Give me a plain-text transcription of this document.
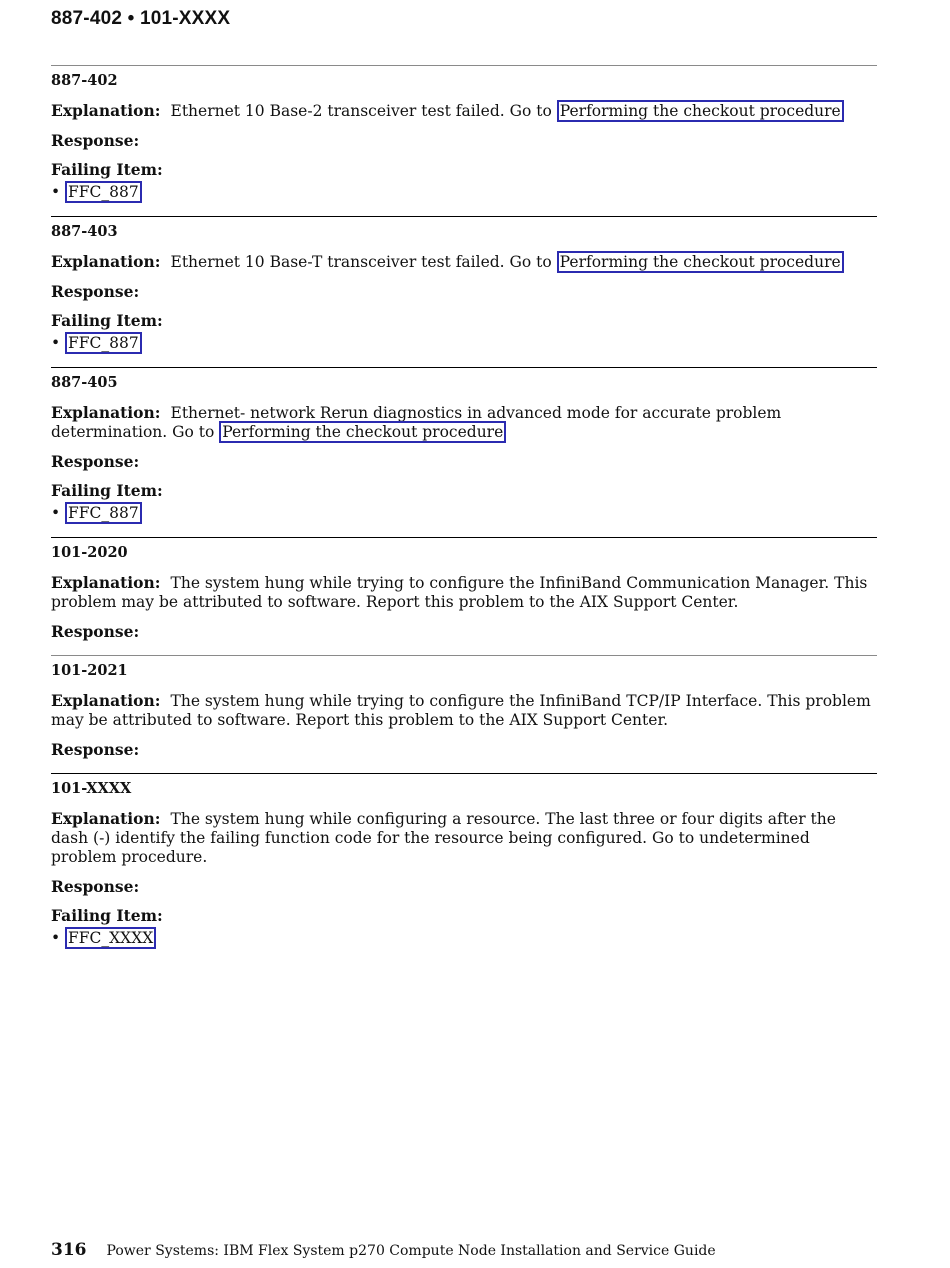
887-402 • 101-XXXX
887-402

Explanation: Ethernet 10 Base-2 transceiver test failed. Go to Performing the checkout procedure

Response:

Failing Item:

• FFC_887
887-403

Explanation: Ethernet 10 Base-T transceiver test failed. Go to Performing the checkout procedure

Response:

Failing Item:

• FFC_887
887-405

Explanation: Ethernet- network Rerun diagnostics in advanced mode for accurate problem determination. Go to Performing the checkout procedure

Response:

Failing Item:

• FFC_887
101-2020

Explanation: The system hung while trying to configure the InfiniBand Communication Manager. This problem may be attributed to software. Report this problem to the AIX Support Center.

Response:

101-2021

Explanation: The system hung while trying to configure the InfiniBand TCP/IP Interface. This problem may be attributed to software. Report this problem to the AIX Support Center.

Response:

101-XXXX

Explanation: The system hung while configuring a resource. The last three or four digits after the dash (-) identify the failing function code for the resource being configured. Go to undetermined problem procedure.

Response:

Failing Item:

• FFC_XXXX
316 Power Systems: IBM Flex System p270 Compute Node Installation and Service Guide
